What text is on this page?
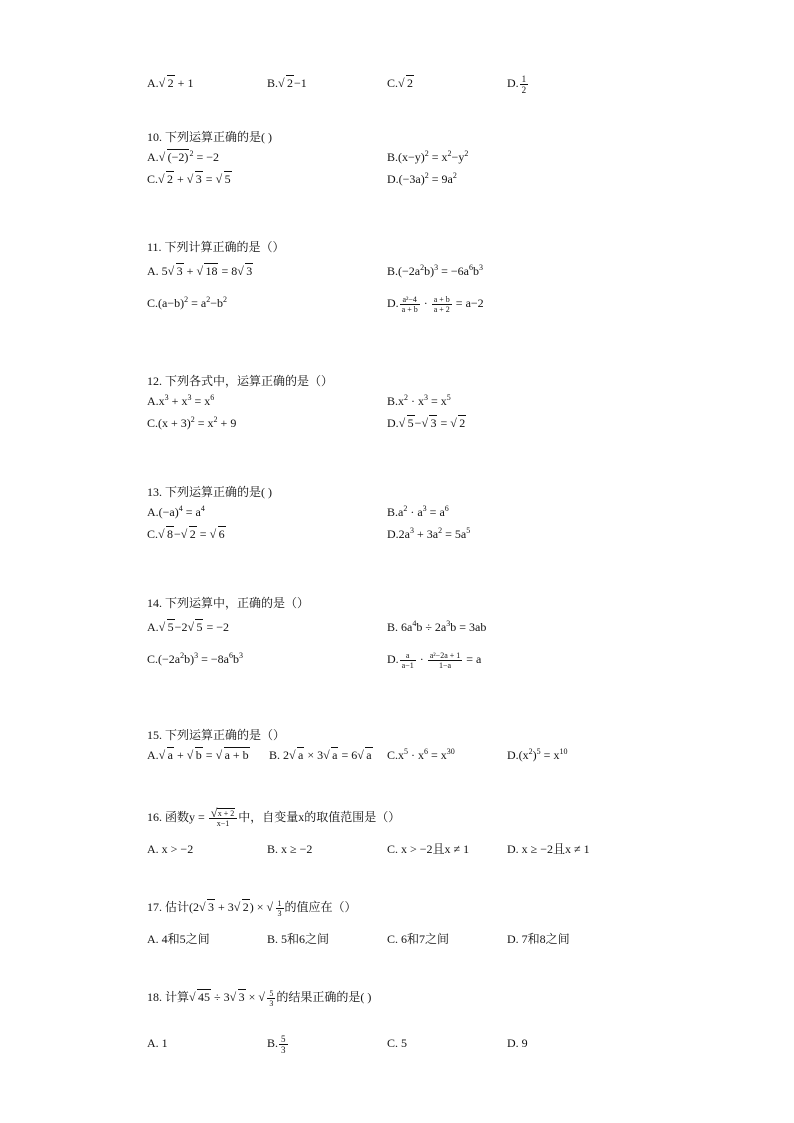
A. √ 2 + 1	B. √ 2−1	C. √ 2	D. $\frac{1}{2}$
10. 下列运算正确的是( )
A. √ $(-2)^2 = -2$	$B.(x-y)^2 = x^2-y^2$
C. √ 2 + √ 3 = √ 5	$D.(-3a)^2 = 9a^2$
11. 下列计算正确的是（）
A. 5 √ 3 + √ 18 = 8 √ 3	$B.(-2a^2b)^3 = -6a^6b^3$
$C.(a-b)^2 = a^2-b^2$	D. $\frac{\text{a²−4}}{a + b} \cdot \frac{a + b}{a + 2} = a-2$
12. 下列各式中，运算正确的是（）
$A.x^3 + x^3 = x^6$	$B.x^2 \cdot x^3 = x^5$
$C.(x + 3)^2 = x^2 + 9$	D. √ 5− √ 3 = √ 2
13. 下列运算正确的是( )
$A.(-a)^4 = a^4$	$B.a^2 \cdot a^3 = a^6$
C. √ 8− √ 2 = √ 6	$D.2a^3 + 3a^2 = 5a^5$
14. 下列运算中，正确的是（）
A. √ 5−2 √ 5 = −2	B. $6a^4b \div 2a^3b = 3ab$
$C.(-2a^2b)^3 = -8a^6b^3$	D. $\frac{a}{a-1} \cdot \frac{\text{a²−2a + 1}}{1-a} = a$
15. 下列运算正确的是（）
A. √ a + √ b = √ a + b B. 2 √ a × 3 √ a = 6 √ a $C.x^5 \cdot x^6 = x^{30}$	$D.(x^2)^5 = x^{10}$
16. 函数y = √ $\frac{x + 2}{x-1}$ 中，自变量x的取值范围是（）
A. x > −2	B. x ≥ −2	C. x > −2且x ≠ 1	D. x ≥ −2且x ≠ 1
17. 估计(2 √ 3 + 3 √ 2) × √ $\frac{1}{3}$ 的值应在（）
A. 4和5之间	B. 5和6之间	C. 6和7之间	D. 7和8之间
18. 计算 √ 45 ÷ 3 √ 3 × √ $\frac{5}{3}$ 的结果正确的是( )
A. 1	B. $\frac{5}{3}$	C. 5	D. 9
